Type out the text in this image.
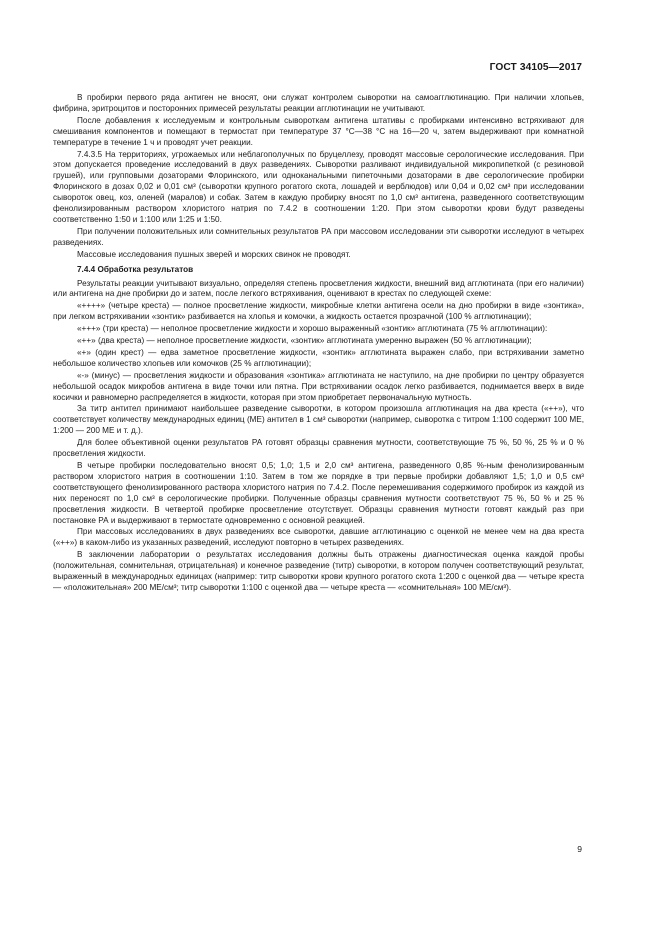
ГОСТ 34105—2017

В пробирки первого ряда антиген не вносят, они служат контролем сыворотки на самоагглютинацию. При наличии хлопьев, фибрина, эритроцитов и посторонних примесей результаты реакции агглютинации не учитывают.

После добавления к исследуемым и контрольным сывороткам антигена штативы с пробирками интенсивно встряхивают для смешивания компонентов и помещают в термостат при температуре 37 °С—38 °С на 16—20 ч, затем выдерживают при комнатной температуре в течение 1 ч и проводят учет реакции.

7.4.3.5 На территориях, угрожаемых или неблагополучных по бруцеллезу, проводят массовые серологические исследования. При этом допускается проведение исследований в двух разведениях. Сыворотки разливают индивидуальной микропипеткой (с резиновой грушей), или групповыми дозаторами Флоринского, или одноканальными пипеточными дозаторами в две серологические пробирки Флоринского в дозах 0,02 и 0,01 см³ (сыворотки крупного рогатого скота, лошадей и верблюдов) или 0,04 и 0,02 см³ при исследовании сывороток овец, коз, оленей (маралов) и собак. Затем в каждую пробирку вносят по 1,0 см³ антигена, разведенного соответствующим фенолизированным раствором хлористого натрия по 7.4.2 в соотношении 1:20. При этом сыворотки крови будут разведены соответственно 1:50 и 1:100 или 1:25 и 1:50.

При получении положительных или сомнительных результатов РА при массовом исследовании эти сыворотки исследуют в четырех разведениях.

Массовые исследования пушных зверей и морских свинок не проводят.

7.4.4 Обработка результатов

Результаты реакции учитывают визуально, определяя степень просветления жидкости, внешний вид агглютината (при его наличии) или антигена на дне пробирки до и затем, после легкого встряхивания, оценивают в крестах по следующей схеме:

«++++» (четыре креста) — полное просветление жидкости, микробные клетки антигена осели на дно пробирки в виде «зонтика», при легком встряхивании «зонтик» разбивается на хлопья и комочки, а жидкость остается прозрачной (100 % агглютинации);

«+++» (три креста) — неполное просветление жидкости и хорошо выраженный «зонтик» агглютината (75 % агглютинации):

«++» (два креста) — неполное просветление жидкости, «зонтик» агглютината умеренно выражен (50 % агглютинации);

«+» (один крест) — едва заметное просветление жидкости, «зонтик» агглютината выражен слабо, при встряхивании заметно небольшое количество хлопьев или комочков (25 % агглютинации);

«-» (минус) — просветления жидкости и образования «зонтика» агглютината не наступило, на дне пробирки по центру образуется небольшой осадок микробов антигена в виде точки или пятна. При встряхивании осадок легко разбивается, поднимается вверх в виде косички и равномерно распределяется в жидкости, которая при этом приобретает первоначальную мутность.

За титр антител принимают наибольшее разведение сыворотки, в котором произошла агглютинация на два креста («++»), что соответствует количеству международных единиц (МЕ) антител в 1 см³ сыворотки (например, сыворотка с титром 1:100 содержит 100 МЕ, 1:200 — 200 МЕ и т. д.).

Для более объективной оценки результатов РА готовят образцы сравнения мутности, соответствующие 75 %, 50 %, 25 % и 0 % просветления жидкости.

В четыре пробирки последовательно вносят 0,5; 1,0; 1,5 и 2,0 см³ антигена, разведенного 0,85 %-ным фенолизированным раствором хлористого натрия в соотношении 1:10. Затем в том же порядке в три первые пробирки добавляют 1,5; 1,0 и 0,5 см³ соответствующего фенолизированного раствора хлористого натрия по 7.4.2. После перемешивания содержимого пробирок из каждой из них переносят по 1,0 см³ в серологические пробирки. Полученные образцы сравнения мутности соответствуют 75 %, 50 % и 25 % просветления жидкости. В четвертой пробирке просветление отсутствует. Образцы сравнения мутности готовят каждый раз при постановке РА и выдерживают в термостате одновременно с основной реакцией.

При массовых исследованиях в двух разведениях все сыворотки, давшие агглютинацию с оценкой не менее чем на два креста («++») в каком-либо из указанных разведений, исследуют повторно в четырех разведениях.

В заключении лаборатории о результатах исследования должны быть отражены диагностическая оценка каждой пробы (положительная, сомнительная, отрицательная) и конечное разведение (титр) сыворотки, в котором получен соответствующий результат, выраженный в международных единицах (например: титр сыворотки крови крупного рогатого скота 1:200 с оценкой два — четыре креста — «положительная» 200 МЕ/см³; титр сыворотки 1:100 с оценкой два — четыре креста — «сомнительная» 100 МЕ/см³).

9
